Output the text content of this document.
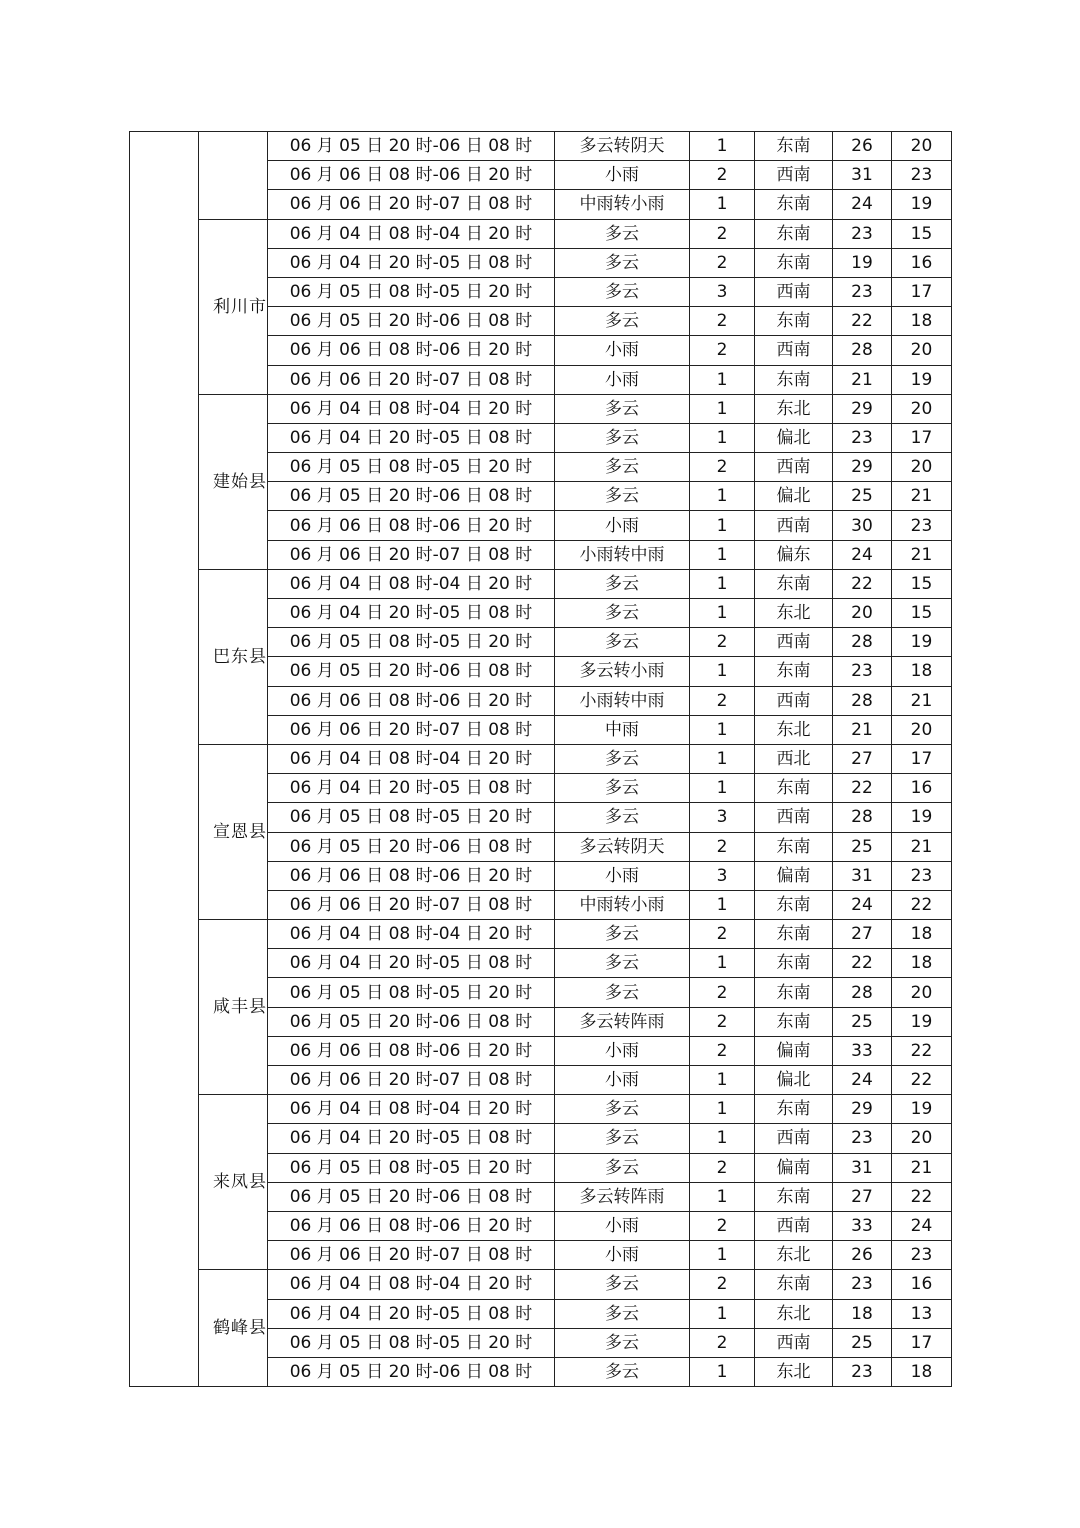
		06 月 05 日 20 时-06 日 08 时	多云转阴天	1	东南	26	20
		06 月 06 日 08 时-06 日 20 时	小雨	2	西南	31	23
		06 月 06 日 20 时-07 日 08 时	中雨转小雨	1	东南	24	19
	利川市	06 月 04 日 08 时-04 日 20 时	多云	2	东南	23	15
		06 月 04 日 20 时-05 日 08 时	多云	2	东南	19	16
		06 月 05 日 08 时-05 日 20 时	多云	3	西南	23	17
		06 月 05 日 20 时-06 日 08 时	多云	2	东南	22	18
		06 月 06 日 08 时-06 日 20 时	小雨	2	西南	28	20
		06 月 06 日 20 时-07 日 08 时	小雨	1	东南	21	19
	建始县	06 月 04 日 08 时-04 日 20 时	多云	1	东北	29	20
		06 月 04 日 20 时-05 日 08 时	多云	1	偏北	23	17
		06 月 05 日 08 时-05 日 20 时	多云	2	西南	29	20
		06 月 05 日 20 时-06 日 08 时	多云	1	偏北	25	21
		06 月 06 日 08 时-06 日 20 时	小雨	1	西南	30	23
		06 月 06 日 20 时-07 日 08 时	小雨转中雨	1	偏东	24	21
	巴东县	06 月 04 日 08 时-04 日 20 时	多云	1	东南	22	15
		06 月 04 日 20 时-05 日 08 时	多云	1	东北	20	15
		06 月 05 日 08 时-05 日 20 时	多云	2	西南	28	19
		06 月 05 日 20 时-06 日 08 时	多云转小雨	1	东南	23	18
		06 月 06 日 08 时-06 日 20 时	小雨转中雨	2	西南	28	21
		06 月 06 日 20 时-07 日 08 时	中雨	1	东北	21	20
	宣恩县	06 月 04 日 08 时-04 日 20 时	多云	1	西北	27	17
		06 月 04 日 20 时-05 日 08 时	多云	1	东南	22	16
		06 月 05 日 08 时-05 日 20 时	多云	3	西南	28	19
		06 月 05 日 20 时-06 日 08 时	多云转阴天	2	东南	25	21
		06 月 06 日 08 时-06 日 20 时	小雨	3	偏南	31	23
		06 月 06 日 20 时-07 日 08 时	中雨转小雨	1	东南	24	22
	咸丰县	06 月 04 日 08 时-04 日 20 时	多云	2	东南	27	18
		06 月 04 日 20 时-05 日 08 时	多云	1	东南	22	18
		06 月 05 日 08 时-05 日 20 时	多云	2	东南	28	20
		06 月 05 日 20 时-06 日 08 时	多云转阵雨	2	东南	25	19
		06 月 06 日 08 时-06 日 20 时	小雨	2	偏南	33	22
		06 月 06 日 20 时-07 日 08 时	小雨	1	偏北	24	22
	来凤县	06 月 04 日 08 时-04 日 20 时	多云	1	东南	29	19
		06 月 04 日 20 时-05 日 08 时	多云	1	西南	23	20
		06 月 05 日 08 时-05 日 20 时	多云	2	偏南	31	21
		06 月 05 日 20 时-06 日 08 时	多云转阵雨	1	东南	27	22
		06 月 06 日 08 时-06 日 20 时	小雨	2	西南	33	24
		06 月 06 日 20 时-07 日 08 时	小雨	1	东北	26	23
	鹤峰县	06 月 04 日 08 时-04 日 20 时	多云	2	东南	23	16
		06 月 04 日 20 时-05 日 08 时	多云	1	东北	18	13
		06 月 05 日 08 时-05 日 20 时	多云	2	西南	25	17
		06 月 05 日 20 时-06 日 08 时	多云	1	东北	23	18
